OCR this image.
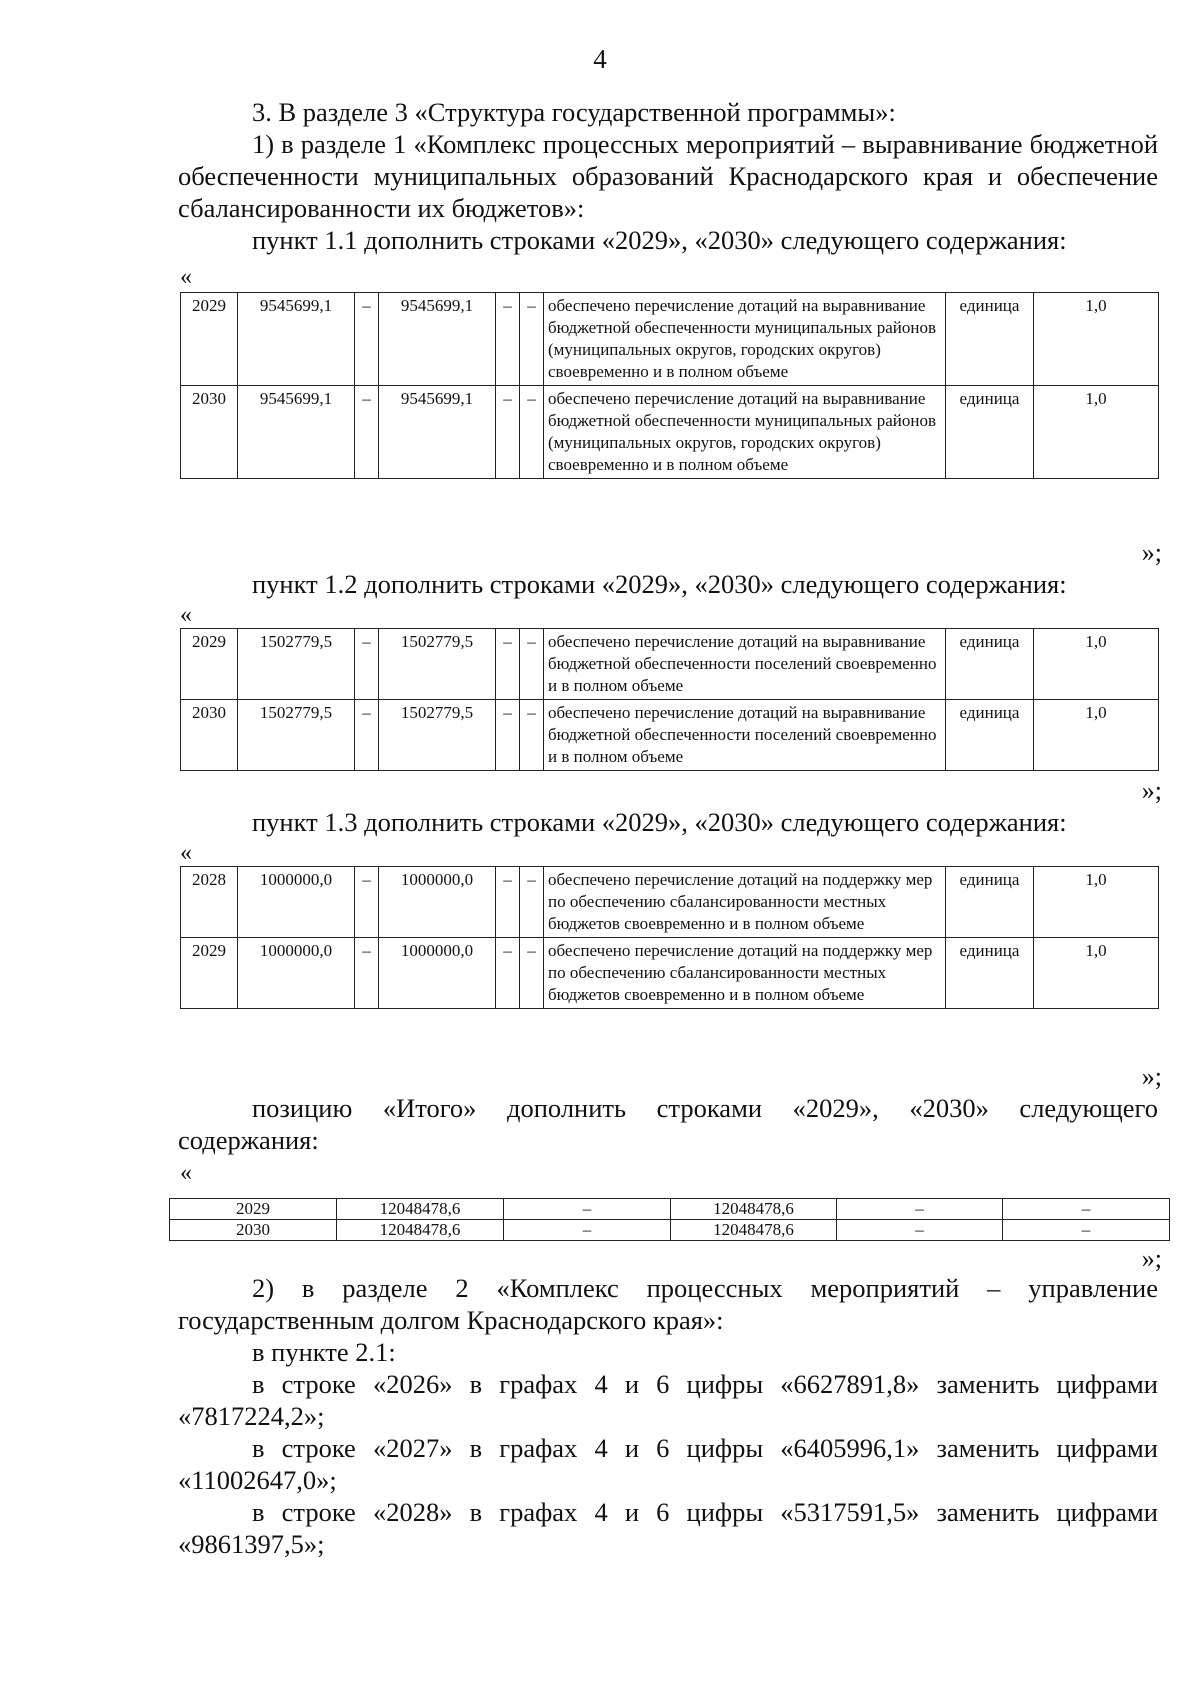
4
3. В разделе 3 «Структура государственной программы»:
1) в разделе 1 «Комплекс процессных мероприятий – выравнивание бюджетной обеспеченности муниципальных образований Краснодарского края и обеспечение сбалансированности их бюджетов»:
пункт 1.1 дополнить строками «2029», «2030» следующего содержания:
«
2029	9545699,1	–	9545699,1	–	–	обеспечено перечисление дотаций на выравнивание бюджетной обеспеченности муниципальных районов (муниципальных округов, городских округов) своевременно и в полном объеме	единица	1,0
2030	9545699,1	–	9545699,1	–	–	обеспечено перечисление дотаций на выравнивание бюджетной обеспеченности муниципальных районов (муниципальных округов, городских округов) своевременно и в полном объеме	единица	1,0
»;
пункт 1.2 дополнить строками «2029», «2030» следующего содержания:
«
2029	1502779,5	–	1502779,5	–	–	обеспечено перечисление дотаций на выравнивание бюджетной обеспеченности поселений своевременно и в полном объеме	единица	1,0
2030	1502779,5	–	1502779,5	–	–	обеспечено перечисление дотаций на выравнивание бюджетной обеспеченности поселений своевременно и в полном объеме	единица	1,0
»;
пункт 1.3 дополнить строками «2029», «2030» следующего содержания:
«
2028	1000000,0	–	1000000,0	–	–	обеспечено перечисление дотаций на поддержку мер по обеспечению сбалансированности местных бюджетов своевременно и в полном объеме	единица	1,0
2029	1000000,0	–	1000000,0	–	–	обеспечено перечисление дотаций на поддержку мер по обеспечению сбалансированности местных бюджетов своевременно и в полном объеме	единица	1,0
»;
позицию «Итого» дополнить строками «2029», «2030» следующего содержания:
«
2029	12048478,6	–	12048478,6	–	–
2030	12048478,6	–	12048478,6	–	–
»;
2) в разделе 2 «Комплекс процессных мероприятий – управление государственным долгом Краснодарского края»:
в пункте 2.1:
в строке «2026» в графах 4 и 6 цифры «6627891,8» заменить цифрами «7817224,2»;
в строке «2027» в графах 4 и 6 цифры «6405996,1» заменить цифрами «11002647,0»;
в строке «2028» в графах 4 и 6 цифры «5317591,5» заменить цифрами «9861397,5»;
